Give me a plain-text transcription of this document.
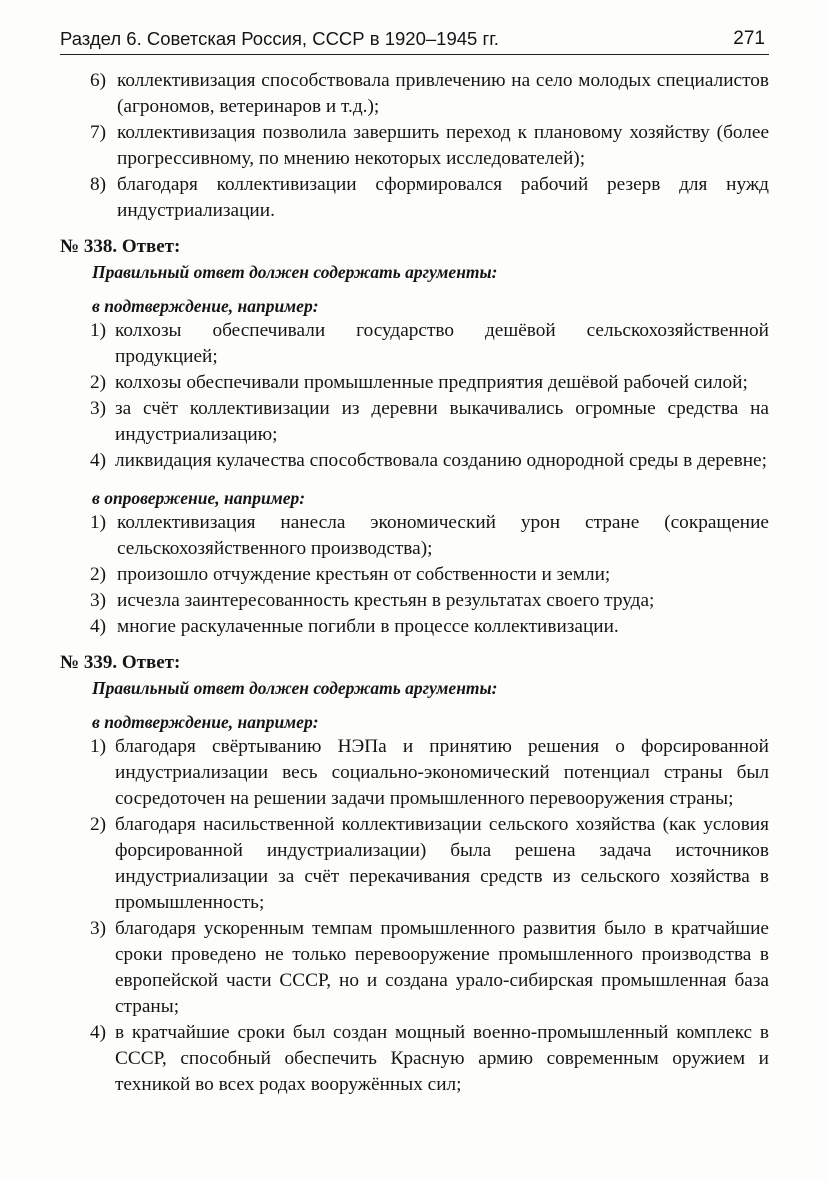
Раздел 6. Советская Россия, СССР в 1920–1945 гг.	271
6) коллективизация способствовала привлечению на село молодых специалистов (агрономов, ветеринаров и т.д.);
7) коллективизация позволила завершить переход к плановому хозяйству (более прогрессивному, по мнению некоторых исследователей);
8) благодаря коллективизации сформировался рабочий резерв для нужд индустриализации.
№ 338. Ответ:
Правильный ответ должен содержать аргументы:
в подтверждение, например:
1) колхозы обеспечивали государство дешёвой сельскохозяйственной продукцией;
2) колхозы обеспечивали промышленные предприятия дешёвой рабочей силой;
3) за счёт коллективизации из деревни выкачивались огромные средства на индустриализацию;
4) ликвидация кулачества способствовала созданию однородной среды в деревне;
в опровержение, например:
1) коллективизация нанесла экономический урон стране (сокращение сельскохозяйственного производства);
2) произошло отчуждение крестьян от собственности и земли;
3) исчезла заинтересованность крестьян в результатах своего труда;
4) многие раскулаченные погибли в процессе коллективизации.
№ 339. Ответ:
Правильный ответ должен содержать аргументы:
в подтверждение, например:
1) благодаря свёртыванию НЭПа и принятию решения о форсированной индустриализации весь социально-экономический потенциал страны был сосредоточен на решении задачи промышленного перевооружения страны;
2) благодаря насильственной коллективизации сельского хозяйства (как условия форсированной индустриализации) была решена задача источников индустриализации за счёт перекачивания средств из сельского хозяйства в промышленность;
3) благодаря ускоренным темпам промышленного развития было в кратчайшие сроки проведено не только перевооружение промышленного производства в европейской части СССР, но и создана урало-сибирская промышленная база страны;
4) в кратчайшие сроки был создан мощный военно-промышленный комплекс в СССР, способный обеспечить Красную армию современным оружием и техникой во всех родах вооружённых сил;
